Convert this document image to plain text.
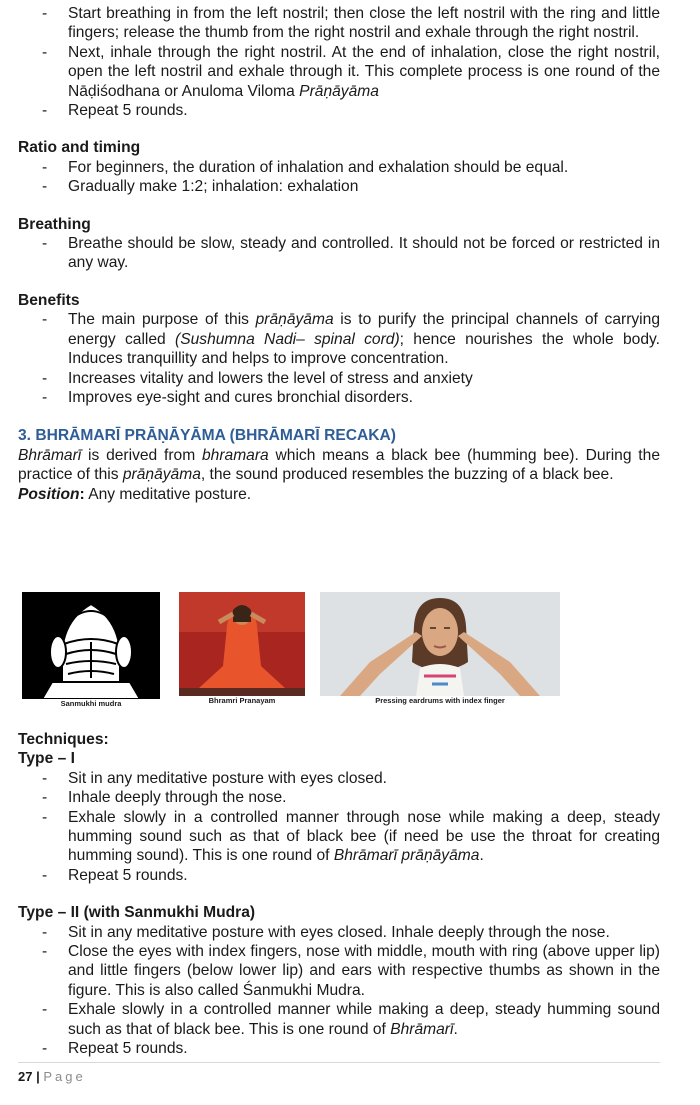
- Start breathing in from the left nostril; then close the left nostril with the ring and little fingers; release the thumb from the right nostril and exhale through the right nostril.
- Next, inhale through the right nostril. At the end of inhalation, close the right nostril, open the left nostril and exhale through it. This complete process is one round of the Nāḍiśodhana or Anuloma Viloma Prāṇāyāma
- Repeat 5 rounds.

Ratio and timing

- For beginners, the duration of inhalation and exhalation should be equal.
- Gradually make 1:2; inhalation: exhalation

Breathing

- Breathe should be slow, steady and controlled. It should not be forced or restricted in any way.

Benefits

- The main purpose of this prāṇāyāma is to purify the principal channels of carrying energy called (Sushumna Nadi– spinal cord); hence nourishes the whole body. Induces tranquillity and helps to improve concentration.
- Increases vitality and lowers the level of stress and anxiety
- Improves eye-sight and cures bronchial disorders.
3. BHRĀMARĪ PRĀṆĀYĀMA (BHRĀMARĪ RECAKA)

Bhrāmarī is derived from bhramara which means a black bee (humming bee). During the practice of this prāṇāyāma, the sound produced resembles the buzzing of a black bee.

Position: Any meditative posture.

Sanmukhi mudra	Bhramri Pranayam	Pressing eardrums with index finger

Techniques:

Type – I

- Sit in any meditative posture with eyes closed.
- Inhale deeply through the nose.
- Exhale slowly in a controlled manner through nose while making a deep, steady humming sound such as that of black bee (if need be use the throat for creating humming sound). This is one round of Bhrāmarī prāṇāyāma.
- Repeat 5 rounds.

Type – II (with Sanmukhi Mudra)

- Sit in any meditative posture with eyes closed. Inhale deeply through the nose.
- Close the eyes with index fingers, nose with middle, mouth with ring (above upper lip) and little fingers (below lower lip) and ears with respective thumbs as shown in the figure. This is also called Śanmukhi Mudra.
- Exhale slowly in a controlled manner while making a deep, steady humming sound such as that of black bee. This is one round of Bhrāmarī.
- Repeat 5 rounds.
27 | Page
